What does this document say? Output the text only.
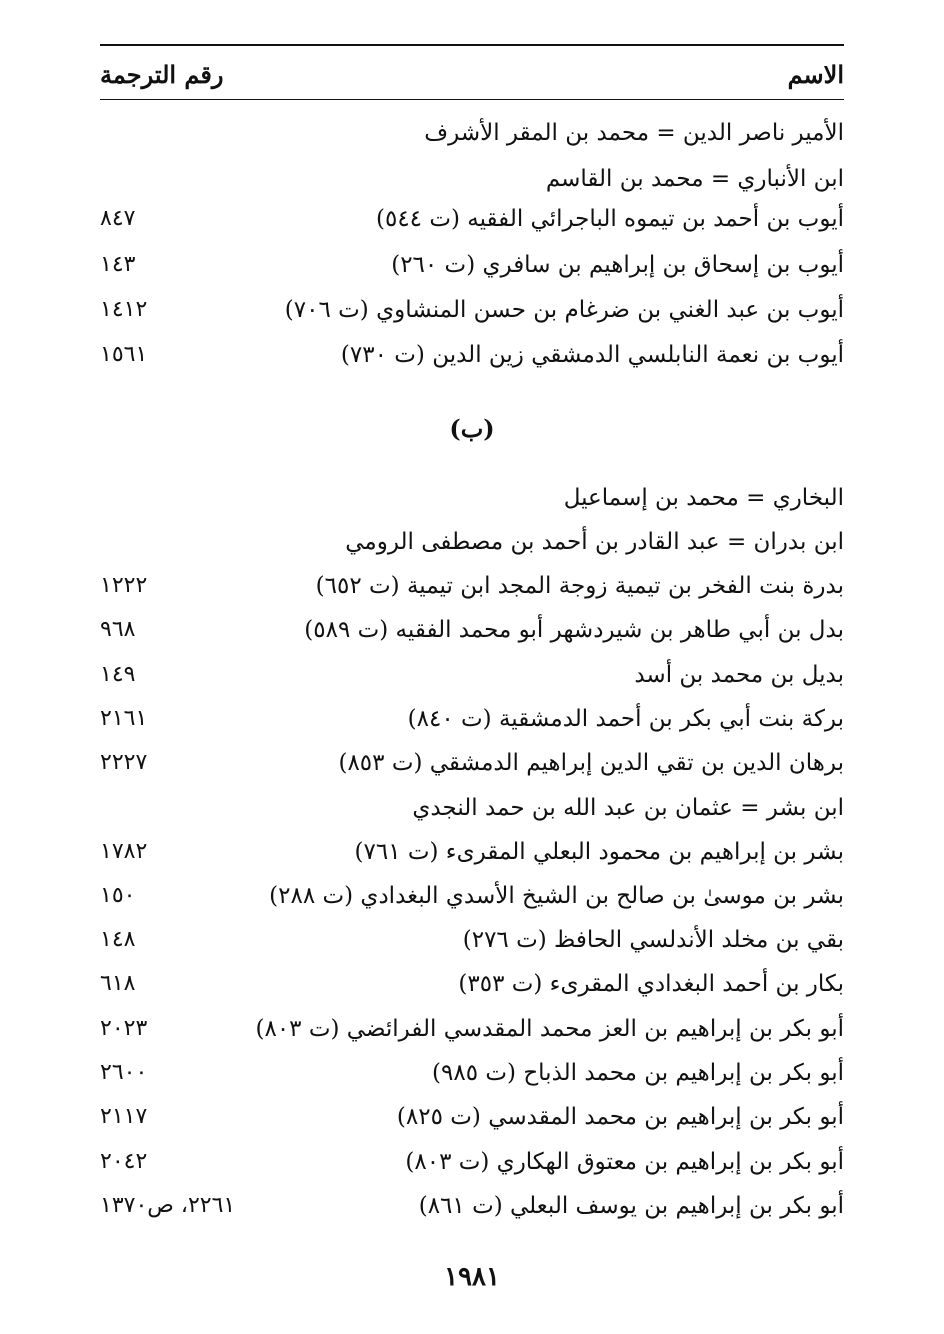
الاسم
رقم الترجمة
الأمير ناصر الدين = محمد بن المقر الأشرف
ابن الأنباري = محمد بن القاسم
أيوب بن أحمد بن تيموه الباجرائي الفقيه (ت ٥٤٤)
٨٤٧
أيوب بن إسحاق بن إبراهيم بن سافري (ت ٢٦٠)
١٤٣
أيوب بن عبد الغني بن ضرغام بن حسن المنشاوي (ت ٧٠٦)
١٤١٢
أيوب بن نعمة النابلسي الدمشقي زين الدين (ت ٧٣٠)
١٥٦١
(ب)
البخاري = محمد بن إسماعيل
ابن بدران = عبد القادر بن أحمد بن مصطفى الرومي
بدرة بنت الفخر بن تيمية زوجة المجد ابن تيمية (ت ٦٥٢)
١٢٢٢
بدل بن أبي طاهر بن شيردشهر أبو محمد الفقيه (ت ٥٨٩)
٩٦٨
بديل بن محمد بن أسد
١٤٩
بركة بنت أبي بكر بن أحمد الدمشقية (ت ٨٤٠)
٢١٦١
برهان الدين بن تقي الدين إبراهيم الدمشقي (ت ٨٥٣)
٢٢٢٧
ابن بشر = عثمان بن عبد الله بن حمد النجدي
بشر بن إبراهيم بن محمود البعلي المقرىء (ت ٧٦١)
١٧٨٢
بشر بن موسىٰ بن صالح بن الشيخ الأسدي البغدادي (ت ٢٨٨)
١٥٠
بقي بن مخلد الأندلسي الحافظ (ت ٢٧٦)
١٤٨
بكار بن أحمد البغدادي المقرىء (ت ٣٥٣)
٦١٨
أبو بكر بن إبراهيم بن العز محمد المقدسي الفرائضي (ت ٨٠٣)
٢٠٢٣
أبو بكر بن إبراهيم بن محمد الذباح (ت ٩٨٥)
٢٦٠٠
أبو بكر بن إبراهيم بن محمد المقدسي (ت ٨٢٥)
٢١١٧
أبو بكر بن إبراهيم بن معتوق الهكاري (ت ٨٠٣)
٢٠٤٢
أبو بكر بن إبراهيم بن يوسف البعلي (ت ٨٦١)
٢٢٦١، ص١٣٧٠
١٩٨١
